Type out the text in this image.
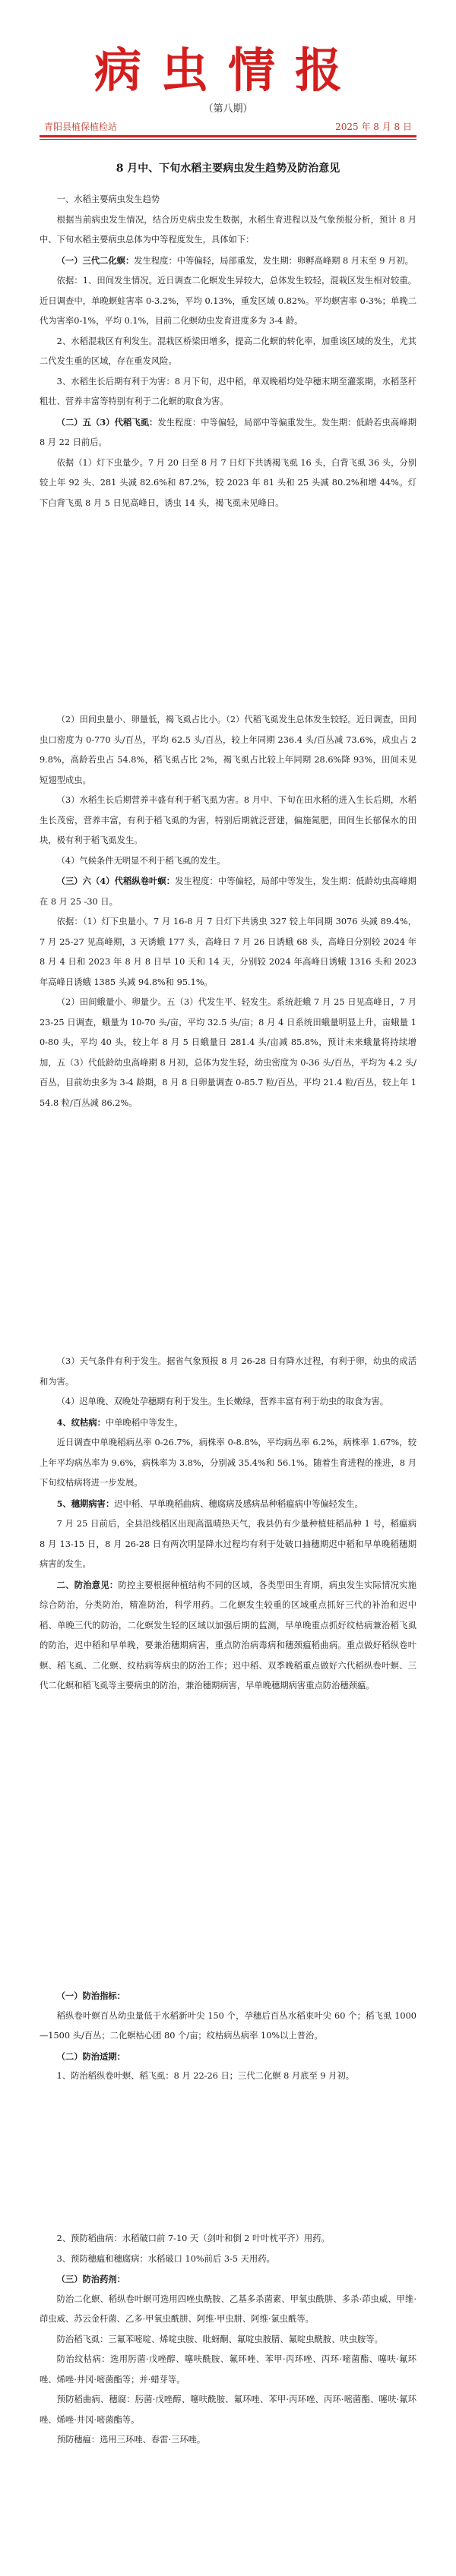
病虫情报
（第八期）
青阳县植保植检站	2025 年 8 月 8 日
8 月中、下旬水稻主要病虫发生趋势及防治意见

一、水稻主要病虫发生趋势

根据当前病虫发生情况，结合历史病虫发生数据，水稻生育进程以及气象预报分析，预计 8 月中、下旬水稻主要病虫总体为中等程度发生，具体如下：

（一）三代二化螟：发生程度：中等偏轻，局部重发，发生期：卵孵高峰期 8 月末至 9 月初。

依据：1、田间发生情况。近日调查二化螟发生异较大，总体发生较轻，混栽区发生相对较重。近日调查中，单晚螟蛀害率 0-3.2%，平均 0.13%，重发区域 0.82%。平均螟害率 0-3%；单晚二代为害率0-1%，平均 0.1%，目前二化螟幼虫发育进度多为 3-4 龄。

2、水稻混栽区有利发生。混栽区桥梁田增多，提高二化螟的转化率，加重该区域的发生，尤其二代发生重的区域，存在重发风险。

3、水稻生长后期有利于为害：8 月下旬，迟中稻，单双晚稻均处孕穗末期至灌浆期，水稻茎秆粗壮、营养丰富等特别有利于二化螟的取食为害。

（二）五（3）代稻飞虱：发生程度：中等偏轻，局部中等偏重发生。发生期：低龄若虫高峰期 8 月 22 日前后。

依据（1）灯下虫量少。7 月 20 日至 8 月 7 日灯下共诱褐飞虱 16 头，白背飞虱 36 头，分别较上年 92 头、281 头减 82.6%和 87.2%，较 2023 年 81 头和 25 头减 80.2%和增 44%。灯下白背飞虱 8 月 5 日见高峰日，诱虫 14 头，褐飞虱未见峰日。

（2）田间虫量小、卵量低，褐飞虱占比小。（2）代稻飞虱发生总体发生较轻。近日调查，田间虫口密度为 0-770 头/百丛，平均 62.5 头/百丛，较上年同期 236.4 头/百丛减 73.6%，成虫占 29.8%，高龄若虫占 54.8%，稻飞虱占比 2%，褐飞虱占比较上年同期 28.6%降 93%，田间未见短翅型成虫。

（3）水稻生长后期营养丰盛有利于稻飞虱为害。8 月中、下旬在田水稻的进入生长后期，水稻生长茂密，营养丰富，有利于稻飞虱的为害，特别后期就泛营建，偏施氮肥，田间生长郁保水的田块，极有利于稻飞虱发生。

（4）气候条件无明显不利于稻飞虱的发生。

（三）六（4）代稻纵卷叶螟：发生程度：中等偏轻，局部中等发生，发生期：低龄幼虫高峰期在 8 月 25 -30 日。

依据：（1）灯下虫量小。7 月 16-8 月 7 日灯下共诱虫 327 较上年同期 3076 头减 89.4%，7 月 25-27 见高峰期，3 天诱蛾 177 头，高峰日 7 月 26 日诱蛾 68 头，高峰日分别较 2024 年 8 月 4 日和 2023 年 8 月 8 日早 10 天和 14 天，分别较 2024 年高峰日诱蛾 1316 头和 2023 年高峰日诱蛾 1385 头减 94.8%和 95.1%。

（2）田间蛾量小、卵量少。五（3）代发生平、轻发生。系统赶蛾 7 月 25 日见高峰日，7 月 23-25 日调查，蛾量为 10-70 头/亩，平均 32.5 头/亩；8 月 4 日系统田蛾量明显上升，亩蛾量 10-80 头，平均 40 头，较上年 8 月 5 日蛾量日 281.4 头/亩减 85.8%，预计未来蛾量将持续增加，五（3）代低龄幼虫高峰期 8 月初，总体为发生轻，幼虫密度为 0-36 头/百丛，平均为 4.2 头/百丛，目前幼虫多为 3-4 龄期，8 月 8 日卵量调查 0-85.7 粒/百丛，平均 21.4 粒/百丛，较上年 154.8 粒/百丛减 86.2%。

（3）天气条件有利于发生。据省气象预报 8 月 26-28 日有降水过程，有利于卵，幼虫的成活和为害。

（4）迟单晚、双晚处孕穗期有利于发生。生长嫩绿，营养丰富有利于幼虫的取食为害。

4、纹枯病：中单晚稻中等发生。

近日调查中单晚稻病丛率 0-26.7%，病株率 0-8.8%，平均病丛率 6.2%，病株率 1.67%，较上年平均病丛率为 9.6%，病株率为 3.8%，分别减 35.4%和 56.1%。随着生育进程的推进，8 月下旬纹枯病将进一步发展。

5、穗期病害：迟中稻、早单晚稻曲病、穗腐病及感病品种稻瘟病中等偏轻发生。

7 月 25 日前后，全县沿线稻区出现高温晴热天气，我县仍有少量种植蛀稻品种 1 号，稻瘟病 8 月 13-15 日，8 月 26-28 日有两次明显降水过程均有利于处破口抽穗期迟中稻和早单晚稻穗期病害的发生。

二、防治意见：防控主要根据种植结构不同的区域，各类型田生育期，病虫发生实际情况实施综合防治，分类防治，精准防治，科学用药。二化螟发生较重的区域重点抓好三代的补治和迟中稻、单晚三代的防治，二化螟发生轻的区域以加强后期的监测，早单晚重点抓好纹枯病兼治稻飞虱的防治，迟中稻和早单晚，要兼治穗期病害，重点防治病毒病和穗颈瘟稻曲病。重点做好稻纵卷叶螟、稻飞虱、二化螟、纹枯病等病虫的防治工作；迟中稻、双季晚稻重点做好六代稻纵卷叶螟、三代二化螟和稻飞虱等主要病虫的防治，兼治穗期病害，早单晚穗期病害重点防治穗颈瘟。

（一）防治指标：

稻纵卷叶螟百丛幼虫量低于水稻新叶尖 150 个，孕穗后百丛水稻束叶尖 60 个；稻飞虱 1000—1500 头/百丛；二化螟枯心团 80 个/亩；纹枯病丛病率 10%以上普治。

（二）防治适期：

1、防治稻纵卷叶螟、稻飞虱：8 月 22-26 日；三代二化螟 8 月底至 9 月初。

2、预防稻曲病：水稻破口前 7-10 天（剑叶和倒 2 叶叶枕平齐）用药。

3、预防穗瘟和穗腐病：水稻破口 10%前后 3-5 天用药。

（三）防治药剂：

防治二化螟、稻纵卷叶螟可选用四唑虫酰胺、乙基多杀菌素、甲氧虫酰肼、多杀·茚虫威、甲维·茚虫威、苏云金杆菌、乙多·甲氧虫酰肼、阿维·甲虫肼、阿维·氯虫酰等。

防治稻飞虱：三氟苯嘧啶、烯啶虫胺、吡蚜酮、氟啶虫胺腈、氟啶虫酰胺、呋虫胺等。

防治纹枯病：选用肟菌·戊唑醇、噻呋酰胺、氟环唑、苯甲·丙环唑、丙环·嘧菌酯、噻呋·氟环唑、烯唑·井冈·嘧菌酯等；并·蜡芽等。

预防稻曲病、穗腐：肟菌·戊唑醇、噻呋酰胺、氟环唑、苯甲·丙环唑、丙环·嘧菌酯、噻呋·氟环唑、烯唑·井冈·嘧菌酯等。

预防穗瘟：选用三环唑、春雷·三环唑。
